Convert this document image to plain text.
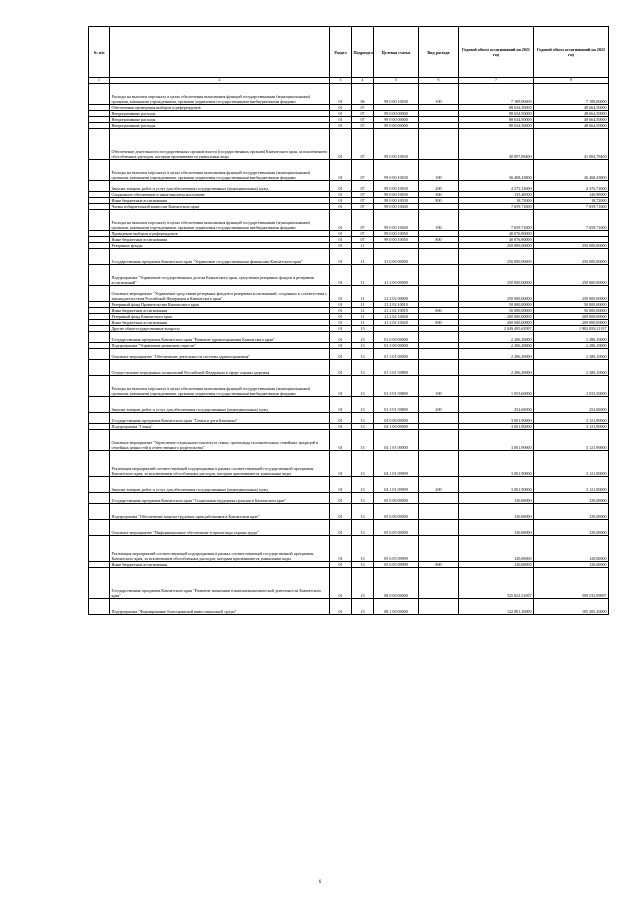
№ п/п		Раздел	Подраздел	Целевая статья	Вид расхода	Годовой объем ассигнований на 2021 год	Годовой объем ассигнований на 2022 год
1	2	3	4	5	6	7	8
	Расходы на выплаты персоналу в целях обеспечения выполнения функций государственными (муниципальными) органами, казенными учреждениями, органами управления государственными внебюджетными фондами	01	06	99 0 00 10030	100	7 189,00000	7 189,00000
	Обеспечение проведения выборов и референдумов	01	07			88 634,50000	48 664,50000
	Непрограммные расходы	01	07	99 0 00 00000		88 634,50000	48 664,50000
	Непрограммные расходы	01	07	99 0 00 00000		88 634,50000	48 664,50000
	Непрограммные расходы	01	07	99 0 00 00000		88 634,50000	48 664,50000
	Обеспечение деятельности государственных органов власти (государственных органов) Камчатского края, за исключением обособленных расходов, которым присваиваются уникальные коды	01	07	99 0 00 10030		40 897,88400	41 004,78400
	Расходы на выплаты персоналу в целях обеспечения выполнения функций государственными (муниципальными) органами, казенными учреждениями, органами управления государственными внебюджетными фондами	01	07	99 0 00 10030	100	36 468,43800	36 468,43800
	Закупка товаров, работ и услуг для обеспечения государственных (муниципальных) нужд	01	07	99 0 00 10030	200	4 275,32600	4 376,72600
	Социальное обеспечение и иные выплаты населению	01	07	99 0 00 10030	300	135,40000	140,90000
	Иные бюджетные ассигнования	01	07	99 0 00 10030	800	18,72000	18,72000
	Члены избирательной комиссии Камчатского края	01	07	99 0 00 10040		7 659,71600	7 659,71600
	Расходы на выплаты персоналу в целях обеспечения выполнения функций государственными (муниципальными) органами, казенными учреждениями, органами управления государственными внебюджетными фондами	01	07	99 0 00 10040	100	7 659,71600	7 659,71600
	Проведение выборов и референдумов	01	07	99 0 00 10050		40 076,90000	
	Иные бюджетные ассигнования	01	07	99 0 00 10050	800	40 076,90000	
	Резервные фонды	01	11			250 000,00000	250 000,00000
	Государственная программа Камчатского края "Управление государственными финансами Камчатского края"	01	11	21 0 00 00000		250 000,00000	250 000,00000
	Подпрограмма "Управление государственным долгом Камчатского края, средствами резервных фондов и резервами ассигнований"	01	11	21 2 00 00000		250 000,00000	250 000,00000
	Основное мероприятие "Управление средствами резервных фондов и резервами ассигнований, созданных в соответствии с законодательством Российской Федерации и Камчатского края"	01	11	21 2 02 00000		250 000,00000	250 000,00000
	Резервный фонд Правительства Камчатского края	01	11	21 2 02 10010		50 000,00000	50 000,00000
	Иные бюджетные ассигнования	01	11	21 2 02 10010	800	50 000,00000	50 000,00000
	Резервный фонд Камчатского края	01	11	21 2 02 10020		200 000,00000	200 000,00000
	Иные бюджетные ассигнования	01	11	21 2 02 10020	800	200 000,00000	200 000,00000
	Другие общегосударственные вопросы	01	13			2 049 495,63997	1 982 858,21197
	Государственная программа Камчатского края "Развитие здравоохранения Камчатского края"	01	13	01 0 00 00000		2 206,20000	2 286,10000
	Подпрограмма "Управление развитием отрасли"	01	13	01 3 00 00000		2 206,20000	2 286,10000
	Основное мероприятие "Обеспечение деятельности системы здравоохранения"	01	13	01 3 01 00000		2 206,20000	2 286,10000
	Осуществление переданных полномочий Российской Федерации в сфере охраны здоровья	01	13	01 3 01 59800		2 206,20000	2 286,10000
	Расходы на выплаты персоналу в целях обеспечения выполнения функций государственными (муниципальными) органами, казенными учреждениями, органами управления государственными внебюджетными фондами	01	13	01 3 01 59800	100	1 953,60000	2 033,50000
	Закупка товаров, работ и услуг для обеспечения государственных (муниципальных) нужд	01	13	01 3 01 59800	200	252,60000	252,60000
	Государственная программа Камчатского края "Семья и дети Камчатки"	01	13	04 0 00 00000		3 001,90000	3 121,90000
	Подпрограмма "Семья"	01	13	04 1 00 00000		3 001,90000	3 121,90000
	Основное мероприятие "Укрепление социального института семьи, пропаганда положительных семейных традиций и семейных ценностей и ответственного родительства"	01	13	04 1 01 00000		3 001,90000	3 121,90000
	Реализация мероприятий соответствующей подпрограммы в рамках соответствующей государственной программы Камчатского края, за исключением обособленных расходов, которым присваиваются уникальные коды	01	13	04 1 01 09999		3 001,90000	3 121,90000
	Закупка товаров, работ и услуг для обеспечения государственных (муниципальных) нужд	01	13	04 1 01 09999	200	3 001,90000	3 121,90000
	Государственная программа Камчатского края "Социальная поддержка граждан в Камчатском крае"	01	13	05 0 00 00000		120,00000	120,00000
	Подпрограмма "Обеспечение защиты трудовых прав работников в Камчатском крае"	01	13	05 6 00 00000		120,00000	120,00000
	Основное мероприятие "Информационное обеспечение и пропаганда охраны труда"	01	13	05 6 05 00000		120,00000	120,00000
	Реализация мероприятий соответствующей подпрограммы в рамках соответствующей государственной программы Камчатского края, за исключением обособленных расходов, которым присваиваются уникальные коды	01	13	05 6 05 09999		120,00000	120,00000
	Иные бюджетные ассигнования	01	13	05 6 05 09999	800	120,00000	120,00000
	Государственная программа Камчатского края "Развитие экономики и внешнеэкономической деятельности Камчатского края"	01	13	08 0 00 00000		525 822,51697	509 533,99697
	Подпрограмма "Формирование благоприятной инвестиционной среды"	01	13	08 1 00 00000		122 881,30000	105 285,20000
6
